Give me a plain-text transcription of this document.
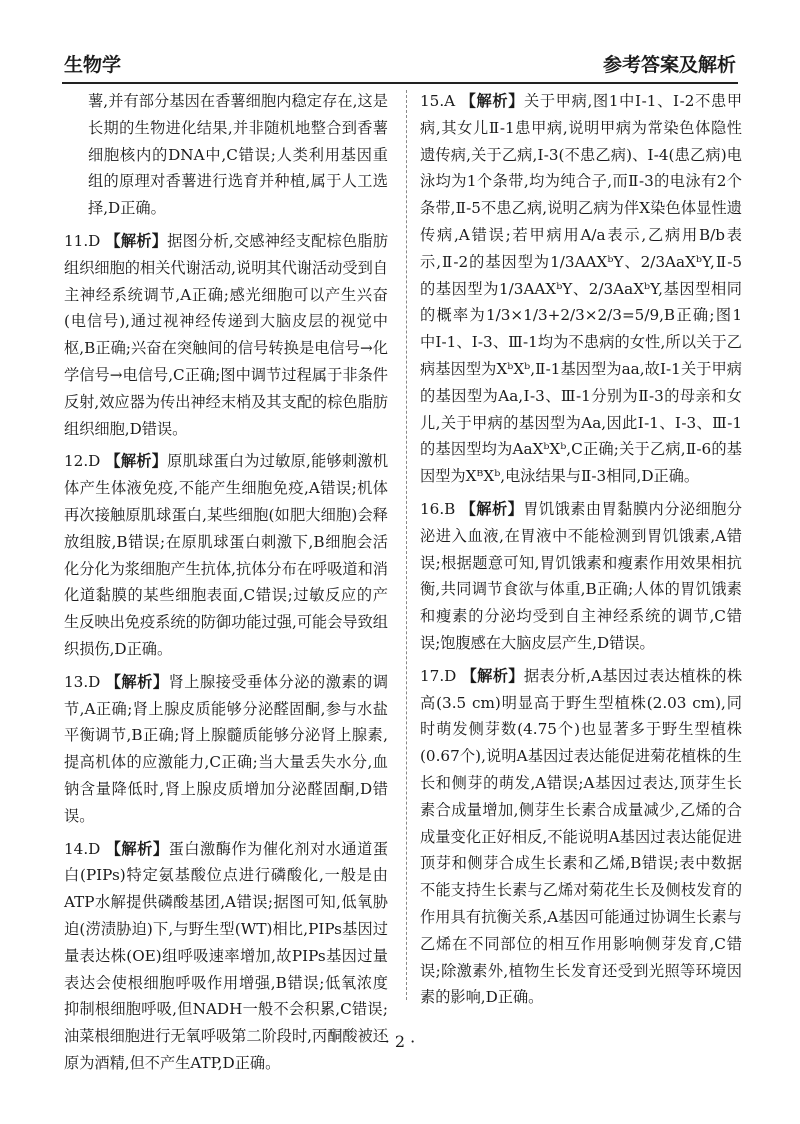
生物学	参考答案及解析
薯,并有部分基因在香薯细胞内稳定存在,这是长期的生物进化结果,并非随机地整合到香薯细胞核内的DNA中,C错误;人类利用基因重组的原理对香薯进行选育并种植,属于人工选择,D正确。
11.D 【解析】据图分析,交感神经支配棕色脂肪组织细胞的相关代谢活动,说明其代谢活动受到自主神经系统调节,A正确;感光细胞可以产生兴奋(电信号),通过视神经传递到大脑皮层的视觉中枢,B正确;兴奋在突触间的信号转换是电信号→化学信号→电信号,C正确;图中调节过程属于非条件反射,效应器为传出神经末梢及其支配的棕色脂肪组织细胞,D错误。
12.D 【解析】原肌球蛋白为过敏原,能够刺激机体产生体液免疫,不能产生细胞免疫,A错误;机体再次接触原肌球蛋白,某些细胞(如肥大细胞)会释放组胺,B错误;在原肌球蛋白刺激下,B细胞会活化分化为浆细胞产生抗体,抗体分布在呼吸道和消化道黏膜的某些细胞表面,C错误;过敏反应的产生反映出免疫系统的防御功能过强,可能会导致组织损伤,D正确。
13.D 【解析】肾上腺接受垂体分泌的激素的调节,A正确;肾上腺皮质能够分泌醛固酮,参与水盐平衡调节,B正确;肾上腺髓质能够分泌肾上腺素,提高机体的应激能力,C正确;当大量丢失水分,血钠含量降低时,肾上腺皮质增加分泌醛固酮,D错误。
14.D 【解析】蛋白激酶作为催化剂对水通道蛋白(PIPs)特定氨基酸位点进行磷酸化,一般是由ATP水解提供磷酸基团,A错误;据图可知,低氧胁迫(涝渍胁迫)下,与野生型(WT)相比,PIPs基因过量表达株(OE)组呼吸速率增加,故PIPs基因过量表达会使根细胞呼吸作用增强,B错误;低氧浓度抑制根细胞呼吸,但NADH一般不会积累,C错误;油菜根细胞进行无氧呼吸第二阶段时,丙酮酸被还原为酒精,但不产生ATP,D正确。
15.A 【解析】关于甲病,图1中Ⅰ-1、Ⅰ-2不患甲病,其女儿Ⅱ-1患甲病,说明甲病为常染色体隐性遗传病,关于乙病,Ⅰ-3(不患乙病)、Ⅰ-4(患乙病)电泳均为1个条带,均为纯合子,而Ⅱ-3的电泳有2个条带,Ⅱ-5不患乙病,说明乙病为伴X染色体显性遗传病,A错误;若甲病用A/a表示,乙病用B/b表示,Ⅱ-2的基因型为1/3AAXᵇY、2/3AaXᵇY,Ⅱ-5的基因型为1/3AAXᵇY、2/3AaXᵇY,基因型相同的概率为1/3×1/3+2/3×2/3=5/9,B正确;图1中Ⅰ-1、Ⅰ-3、Ⅲ-1均为不患病的女性,所以关于乙病基因型为XᵇXᵇ,Ⅱ-1基因型为aa,故Ⅰ-1关于甲病的基因型为Aa,Ⅰ-3、Ⅲ-1分别为Ⅱ-3的母亲和女儿,关于甲病的基因型为Aa,因此Ⅰ-1、Ⅰ-3、Ⅲ-1的基因型均为AaXᵇXᵇ,C正确;关于乙病,Ⅱ-6的基因型为XᴮXᵇ,电泳结果与Ⅱ-3相同,D正确。
16.B 【解析】胃饥饿素由胃黏膜内分泌细胞分泌进入血液,在胃液中不能检测到胃饥饿素,A错误;根据题意可知,胃饥饿素和瘦素作用效果相抗衡,共同调节食欲与体重,B正确;人体的胃饥饿素和瘦素的分泌均受到自主神经系统的调节,C错误;饱腹感在大脑皮层产生,D错误。
17.D 【解析】据表分析,A基因过表达植株的株高(3.5 cm)明显高于野生型植株(2.03 cm),同时萌发侧芽数(4.75个)也显著多于野生型植株(0.67个),说明A基因过表达能促进菊花植株的生长和侧芽的萌发,A错误;A基因过表达,顶芽生长素合成量增加,侧芽生长素合成量减少,乙烯的合成量变化正好相反,不能说明A基因过表达能促进顶芽和侧芽合成生长素和乙烯,B错误;表中数据不能支持生长素与乙烯对菊花生长及侧枝发育的作用具有抗衡关系,A基因可能通过协调生长素与乙烯在不同部位的相互作用影响侧芽发育,C错误;除激素外,植物生长发育还受到光照等环境因素的影响,D正确。
· 2 ·
